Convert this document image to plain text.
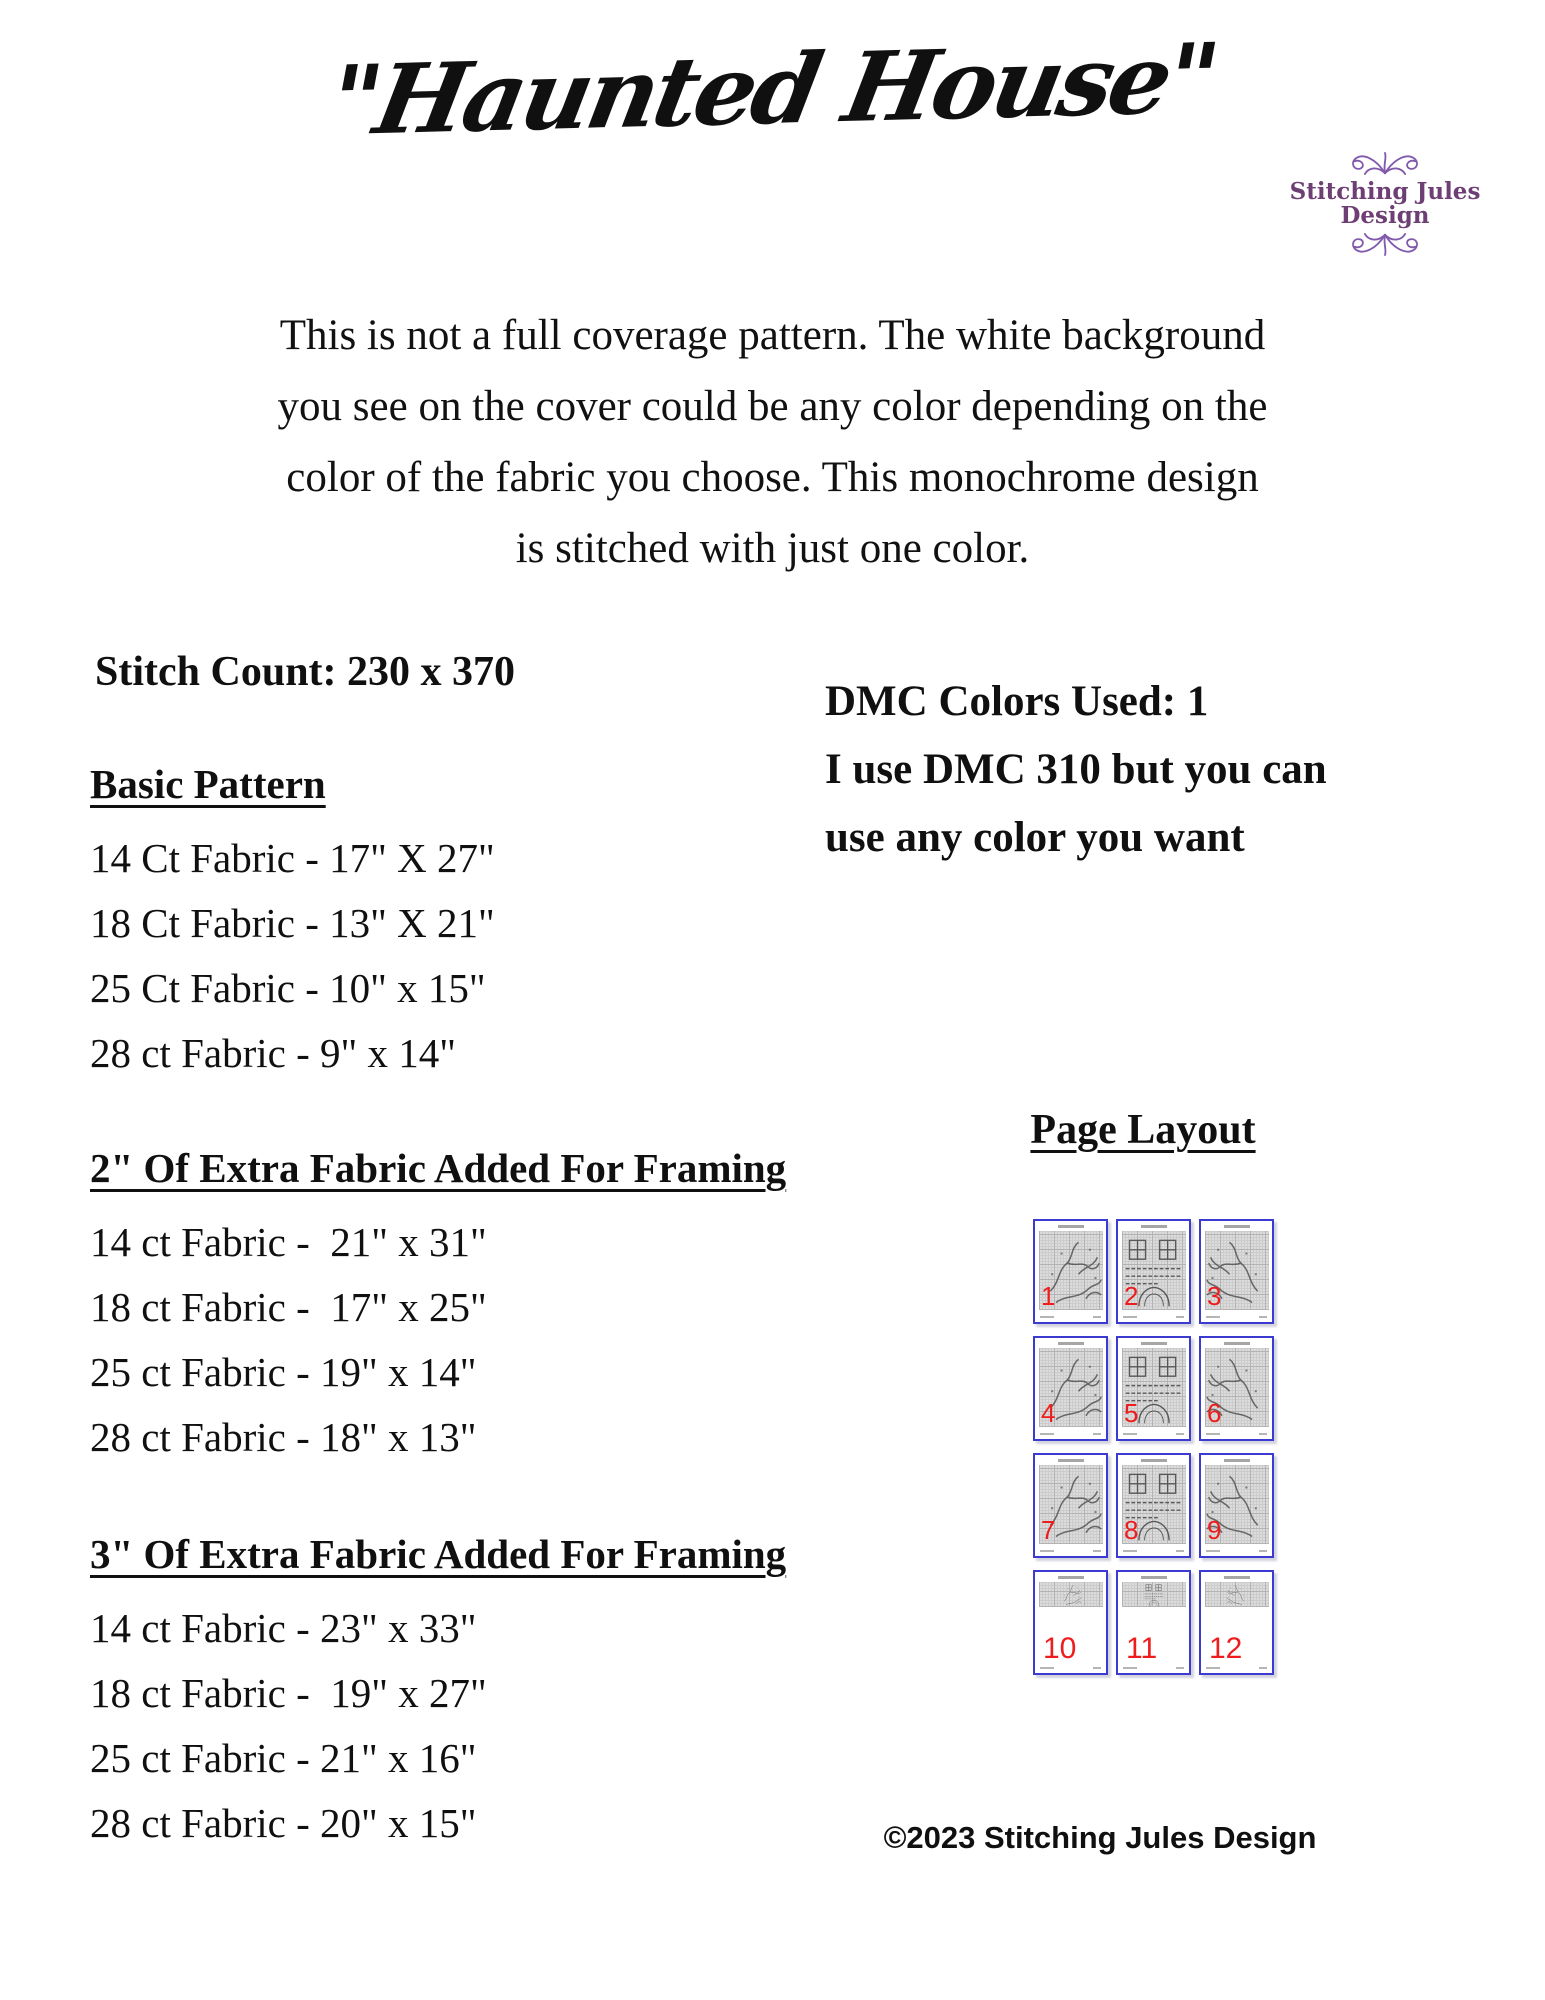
"Haunted House"
Stitching Jules Design
This is not a full coverage pattern. The white background
you see on the cover could be any color depending on the
color of the fabric you choose. This monochrome design
is stitched with just one color.
Stitch Count: 230 x 370
DMC Colors Used: 1
I use DMC 310 but you can
use any color you want
Basic Pattern
14 Ct Fabric - 17" X 27"
18 Ct Fabric - 13" X 21"
25 Ct Fabric - 10" x 15"
28 ct Fabric - 9" x 14"
2" Of Extra Fabric Added For Framing
14 ct Fabric -  21" x 31"
18 ct Fabric -  17" x 25"
25 ct Fabric - 19" x 14"
28 ct Fabric - 18" x 13"
3" Of Extra Fabric Added For Framing
14 ct Fabric - 23" x 33"
18 ct Fabric -  19" x 27"
25 ct Fabric - 21" x 16"
28 ct Fabric - 20" x 15"
Page Layout
1	2	3
4	5	6
7	8	9
10 11 12
©2023 Stitching Jules Design
